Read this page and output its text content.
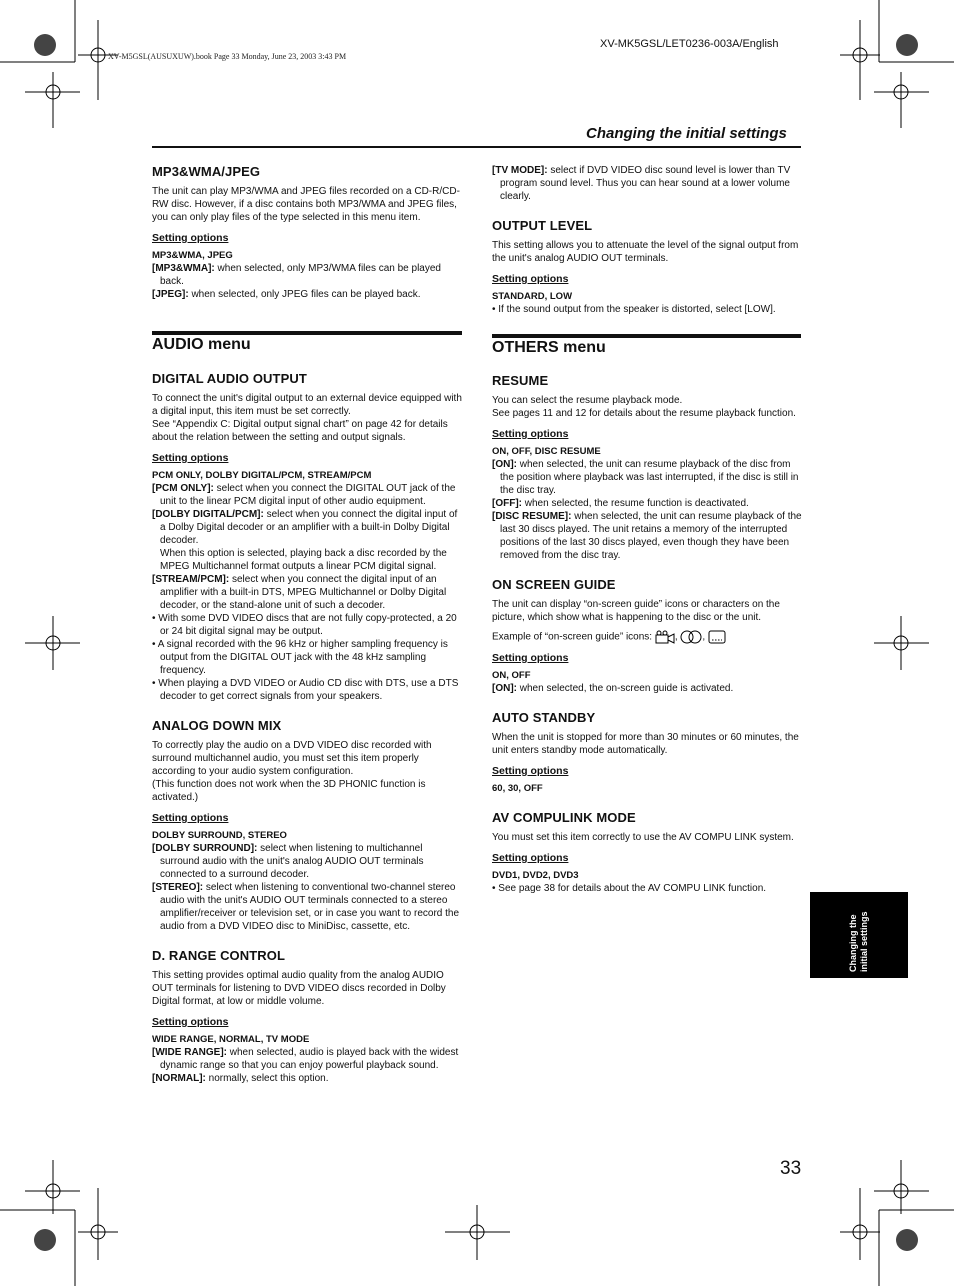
XV-M5GSL(AUSUXUW).book Page 33 Monday, June 23, 2003 3:43 PM
XV-MK5GSL/LET0236-003A/English
Changing the initial settings
MP3&WMA/JPEG

The unit can play MP3/WMA and JPEG files recorded on a CD-R/CD-RW disc. However, if a disc contains both MP3/WMA and JPEG files, you can only play files of the type selected in this menu item.

Setting options
MP3&WMA, JPEG
[MP3&WMA]: when selected, only MP3/WMA files can be played back.
[JPEG]: when selected, only JPEG files can be played back.
AUDIO menu
DIGITAL AUDIO OUTPUT

To connect the unit's digital output to an external device equipped with a digital input, this item must be set correctly.

See “Appendix C: Digital output signal chart” on page 42 for details about the relation between the setting and output signals.

Setting options
PCM ONLY, DOLBY DIGITAL/PCM, STREAM/PCM
[PCM ONLY]: select when you connect the DIGITAL OUT jack of the unit to the linear PCM digital input of other audio equipment.
[DOLBY DIGITAL/PCM]: select when you connect the digital input of a Dolby Digital decoder or an amplifier with a built-in Dolby Digital decoder.
When this option is selected, playing back a disc recorded by the MPEG Multichannel format outputs a linear PCM digital signal.
[STREAM/PCM]: select when you connect the digital input of an amplifier with a built-in DTS, MPEG Multichannel or Dolby Digital decoder, or the stand-alone unit of such a decoder.
• With some DVD VIDEO discs that are not fully copy-protected, a 20 or 24 bit digital signal may be output.
• A signal recorded with the 96 kHz or higher sampling frequency is output from the DIGITAL OUT jack with the 48 kHz sampling frequency.
• When playing a DVD VIDEO or Audio CD disc with DTS, use a DTS decoder to get correct signals from your speakers.
ANALOG DOWN MIX

To correctly play the audio on a DVD VIDEO disc recorded with surround multichannel audio, you must set this item properly according to your audio system configuration.

(This function does not work when the 3D PHONIC function is activated.)

Setting options
DOLBY SURROUND, STEREO
[DOLBY SURROUND]: select when listening to multichannel surround audio with the unit's analog AUDIO OUT terminals connected to a surround decoder.
[STEREO]: select when listening to conventional two-channel stereo audio with the unit's AUDIO OUT terminals connected to a stereo amplifier/receiver or television set, or in case you want to record the audio from a DVD VIDEO disc to MiniDisc, cassette, etc.
D. RANGE CONTROL

This setting provides optimal audio quality from the analog AUDIO OUT terminals for listening to DVD VIDEO discs recorded in Dolby Digital format, at low or middle volume.

Setting options
WIDE RANGE, NORMAL, TV MODE
[WIDE RANGE]: when selected, audio is played back with the widest dynamic range so that you can enjoy powerful playback sound.
[NORMAL]: normally, select this option.
[TV MODE]: select if DVD VIDEO disc sound level is lower than TV program sound level. Thus you can hear sound at a lower volume clearly.
OUTPUT LEVEL

This setting allows you to attenuate the level of the signal output from the unit's analog AUDIO OUT terminals.

Setting options
STANDARD, LOW
• If the sound output from the speaker is distorted, select [LOW].
OTHERS menu
RESUME

You can select the resume playback mode.

See pages 11 and 12 for details about the resume playback function.

Setting options
ON, OFF, DISC RESUME
[ON]: when selected, the unit can resume playback of the disc from the position where playback was last interrupted, if the disc is still in the disc tray.
[OFF]: when selected, the resume function is deactivated.
[DISC RESUME]: when selected, the unit can resume playback of the last 30 discs played. The unit retains a memory of the interrupted positions of the last 30 discs played, even though they have been removed from the disc tray.
ON SCREEN GUIDE

The unit can display “on-screen guide” icons or characters on the picture, which show what is happening to the disc or the unit.

Example of “on-screen guide” icons: , ,

Setting options
ON, OFF
[ON]: when selected, the on-screen guide is activated.
AUTO STANDBY

When the unit is stopped for more than 30 minutes or 60 minutes, the unit enters standby mode automatically.

Setting options
60, 30, OFF
AV COMPULINK MODE

You must set this item correctly to use the AV COMPU LINK system.

Setting options
DVD1, DVD2, DVD3
• See page 38 for details about the AV COMPU LINK function.
Changing the initial settings
33
